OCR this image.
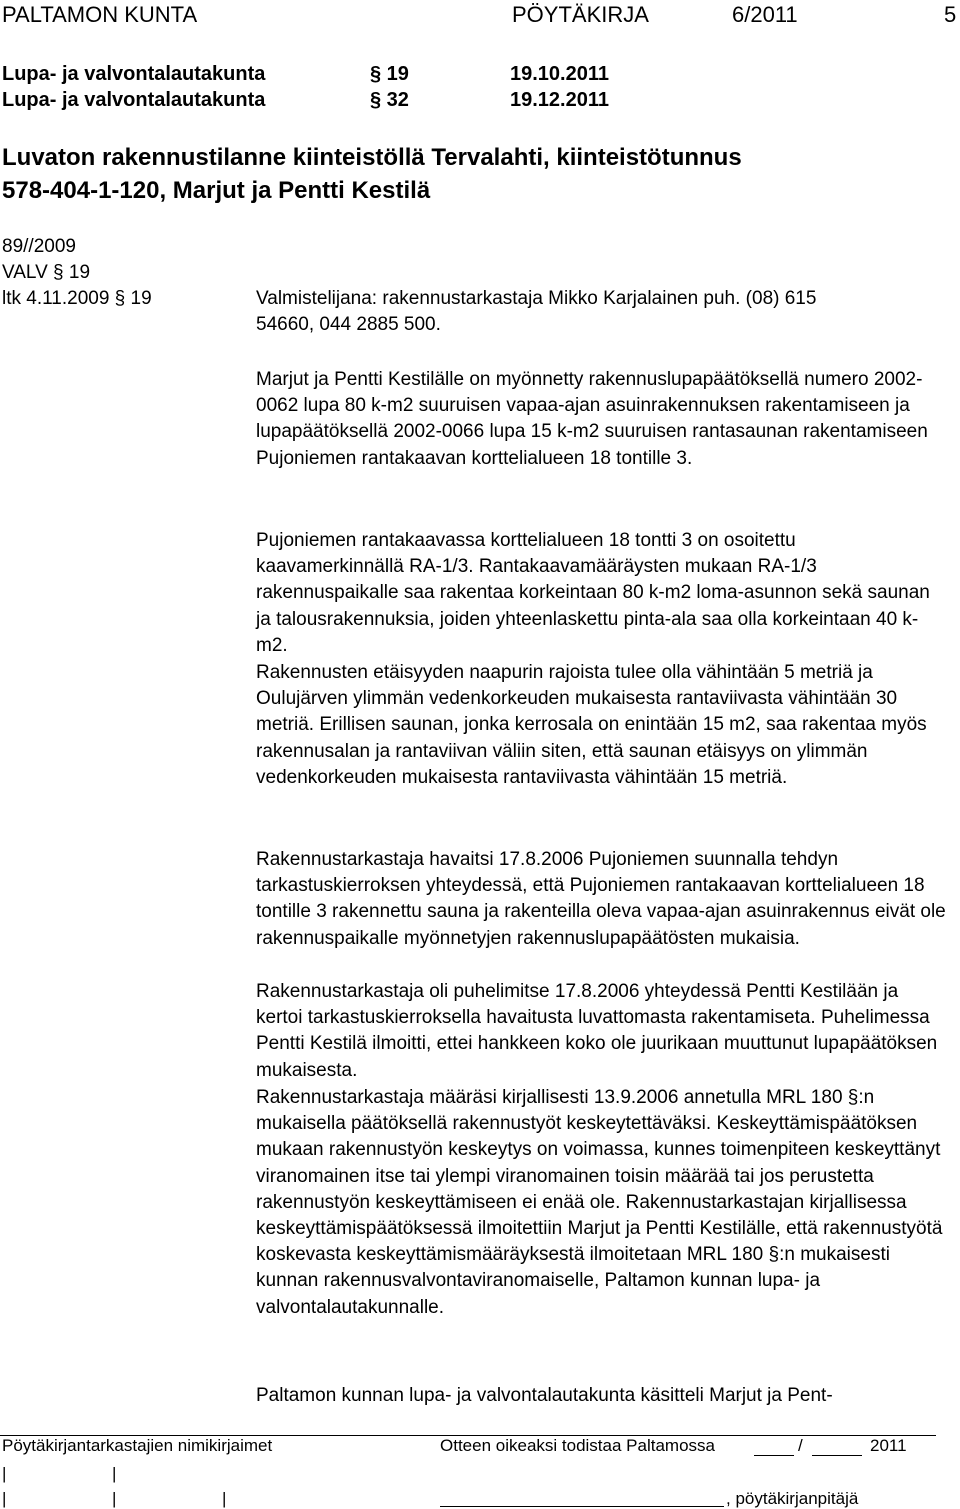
PALTAMON KUNTA	PÖYTÄKIRJA	6/2011	5
Lupa- ja valvontalautakunta	§ 19	19.10.2011
Lupa- ja valvontalautakunta	§ 32	19.12.2011
Luvaton rakennustilanne kiinteistöllä Tervalahti, kiinteistötunnus
578-404-1-120, Marjut ja Pentti Kestilä
89//2009
VALV § 19
ltk 4.11.2009 § 19	Valmistelijana: rakennustarkastaja Mikko Karjalainen puh. (08) 615
54660, 044 2885 500.

Marjut ja Pentti Kestilälle on myönnetty rakennuslupapäätöksellä numero 2002-0062 lupa 80 k-m2 suuruisen vapaa-ajan asuinrakennuksen rakentamiseen ja lupapäätöksellä 2002-0066 lupa 15 k-m2 suuruisen rantasaunan rakentamiseen Pujoniemen rantakaavan korttelialueen 18 tontille 3.

Pujoniemen rantakaavassa korttelialueen 18 tontti 3 on osoitettu kaavamerkinnällä RA-1/3. Rantakaavamääräysten mukaan RA-1/3 rakennuspaikalle saa rakentaa korkeintaan 80 k-m2 loma-asunnon sekä saunan ja talousrakennuksia, joiden yhteenlaskettu pinta-ala saa olla korkeintaan 40 k-m2.

Rakennusten etäisyyden naapurin rajoista tulee olla vähintään 5 metriä ja Oulujärven ylimmän vedenkorkeuden mukaisesta rantaviivasta vähintään 30 metriä. Erillisen saunan, jonka kerrosala on enintään 15 m2, saa rakentaa myös rakennusalan ja rantaviivan väliin siten, että saunan etäisyys on ylimmän vedenkorkeuden mukaisesta rantaviivasta vähintään 15 metriä.

Rakennustarkastaja havaitsi 17.8.2006 Pujoniemen suunnalla tehdyn tarkastuskierroksen yhteydessä, että Pujoniemen rantakaavan korttelialueen 18 tontille 3 rakennettu sauna ja rakenteilla oleva vapaa-ajan asuinrakennus eivät ole rakennuspaikalle myönnetyjen rakennuslupapäätösten mukaisia.

Rakennustarkastaja oli puhelimitse 17.8.2006 yhteydessä Pentti Kestilään ja kertoi tarkastuskierroksella havaitusta luvattomasta rakentamiseta. Puhelimessa Pentti Kestilä ilmoitti, ettei hankkeen koko ole juurikaan muuttunut lupapäätöksen mukaisesta.

Rakennustarkastaja määräsi kirjallisesti 13.9.2006 annetulla MRL 180 §:n mukaisella päätöksellä rakennustyöt keskeytettäväksi. Keskeyttämispäätöksen mukaan rakennustyön keskeytys on voimassa, kunnes toimenpiteen keskeyttänyt viranomainen itse tai ylempi viranomainen toisin määrää tai jos perustetta rakennustyön keskeyttämiseen ei enää ole. Rakennustarkastajan kirjallisessa keskeyttämispäätöksessä ilmoitettiin Marjut ja Pentti Kestilälle, että rakennustyötä koskevasta keskeyttämismääräyksestä ilmoitetaan MRL 180 §:n mukaisesti kunnan rakennusvalvontaviranomaiselle, Paltamon kunnan lupa- ja valvontalautakunnalle.

Paltamon kunnan lupa- ja valvontalautakunta käsitteli Marjut ja Pent-

Pöytäkirjantarkastajien nimikirjaimet	Otteen oikeaksi todistaa Paltamossa	/	2011
|	|
|	|	|	, pöytäkirjanpitäjä
